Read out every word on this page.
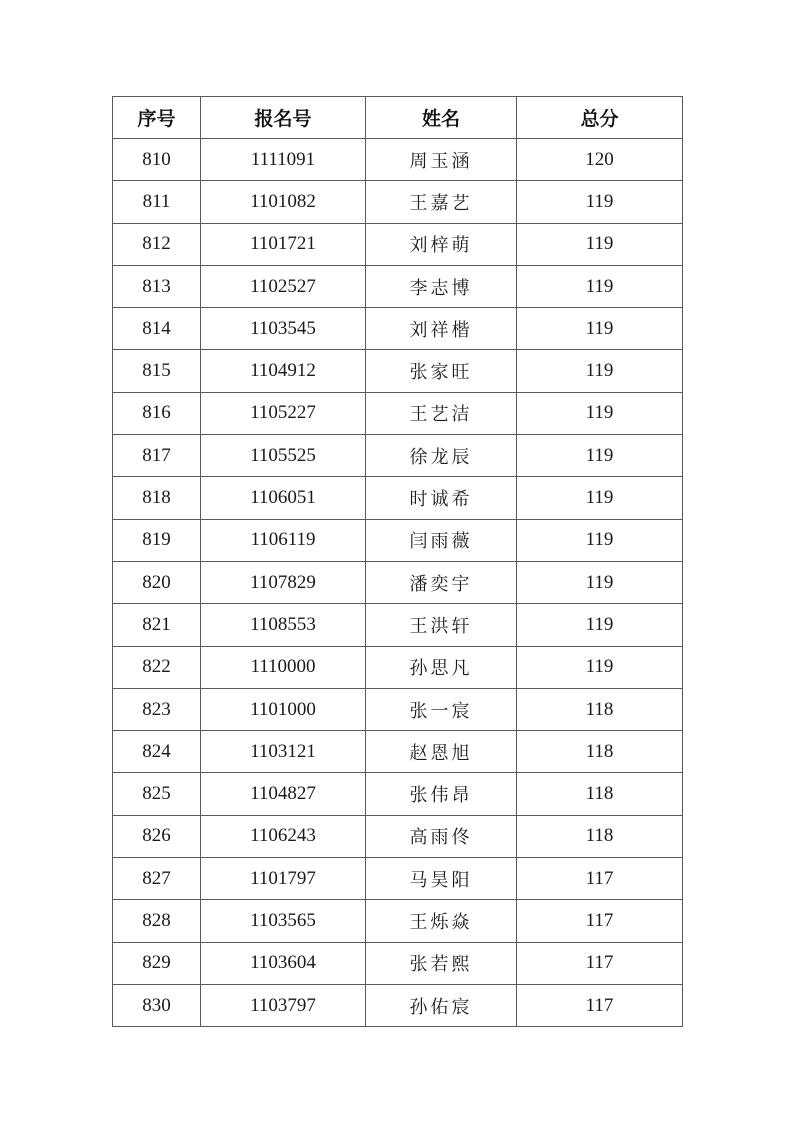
序号	报名号	姓名	总分
810	1111091	周玉涵	120
811	1101082	王嘉艺	119
812	1101721	刘梓萌	119
813	1102527	李志博	119
814	1103545	刘祥楷	119
815	1104912	张家旺	119
816	1105227	王艺洁	119
817	1105525	徐龙辰	119
818	1106051	时诚希	119
819	1106119	闫雨薇	119
820	1107829	潘奕宇	119
821	1108553	王洪轩	119
822	1110000	孙思凡	119
823	1101000	张一宸	118
824	1103121	赵恩旭	118
825	1104827	张伟昂	118
826	1106243	高雨佟	118
827	1101797	马昊阳	117
828	1103565	王烁焱	117
829	1103604	张若熙	117
830	1103797	孙佑宸	117
